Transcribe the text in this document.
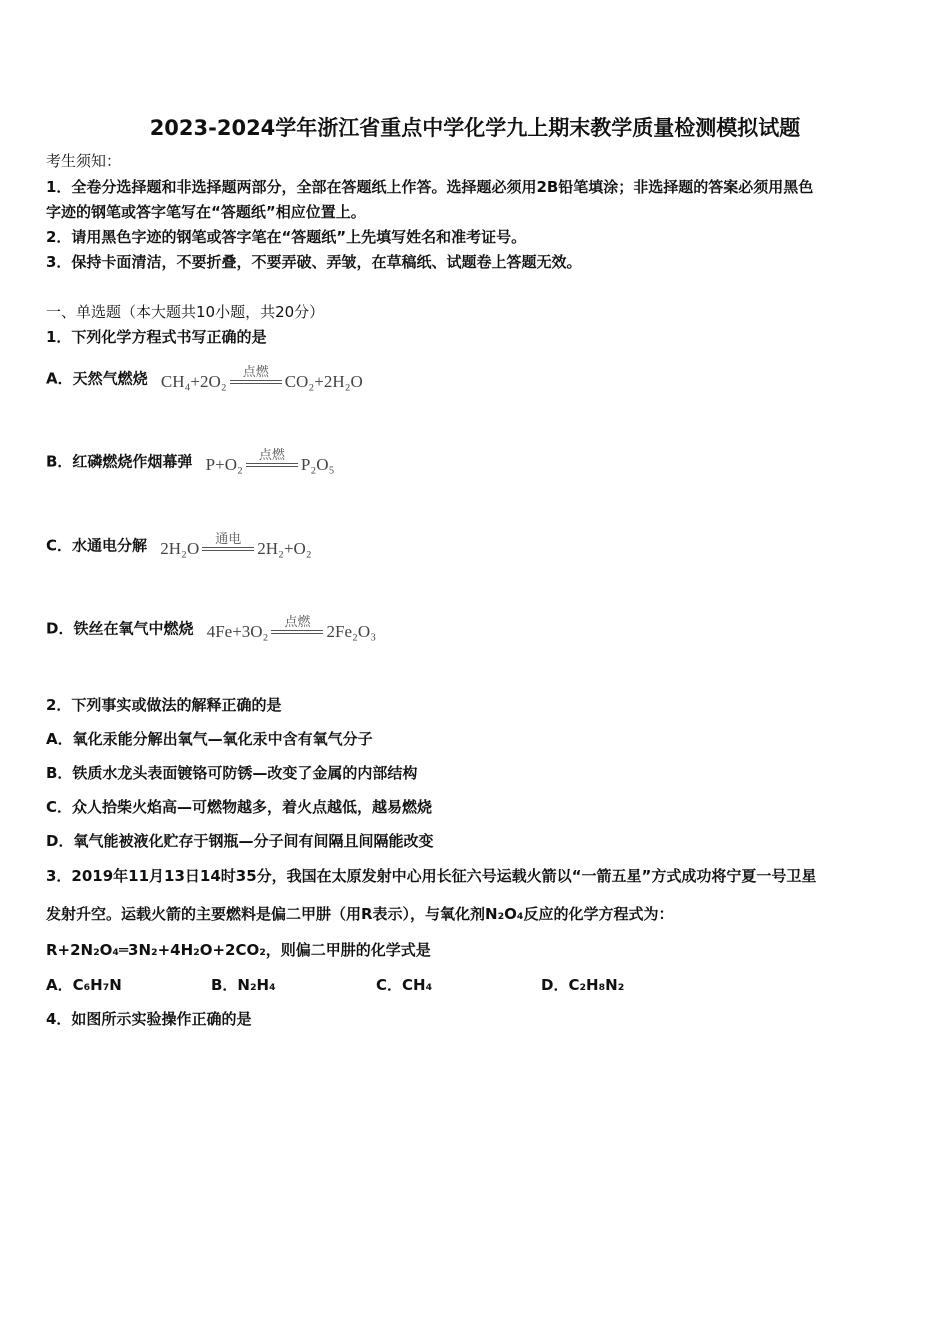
2023-2024学年浙江省重点中学化学九上期末教学质量检测模拟试题
考生须知：
1．全卷分选择题和非选择题两部分，全部在答题纸上作答。选择题必须用2B铅笔填涂；非选择题的答案必须用黑色
字迹的钢笔或答字笔写在“答题纸”相应位置上。
2．请用黑色字迹的钢笔或答字笔在“答题纸”上先填写姓名和准考证号。
3．保持卡面清洁，不要折叠，不要弄破、弄皱，在草稿纸、试题卷上答题无效。
一、单选题（本大题共10小题，共20分）
1．下列化学方程式书写正确的是
A．天然气燃烧 CH₄+2O₂ 点燃 CO₂+2H₂O
B．红磷燃烧作烟幕弹 P+O₂ 点燃 P₂O₅
C．水通电分解 2H₂O 通电 2H₂+O₂
D．铁丝在氧气中燃烧 4Fe+3O₂ 点燃 2Fe₂O₃
2．下列事实或做法的解释正确的是
A．氧化汞能分解出氧气—氧化汞中含有氧气分子
B．铁质水龙头表面镀铬可防锈—改变了金属的内部结构
C．众人拾柴火焰高—可燃物越多，着火点越低，越易燃烧
D．氧气能被液化贮存于钢瓶—分子间有间隔且间隔能改变
3．2019年11月13日14时35分，我国在太原发射中心用长征六号运载火箭以“一箭五星”方式成功将宁夏一号卫星
发射升空。运载火箭的主要燃料是偏二甲肼（用R表示），与氧化剂N₂O₄反应的化学方程式为：
R+2N₂O₄═3N₂+4H₂O+2CO₂，则偏二甲肼的化学式是
A．C₆H₇N	B．N₂H₄	C．CH₄	D．C₂H₈N₂
4．如图所示实验操作正确的是
